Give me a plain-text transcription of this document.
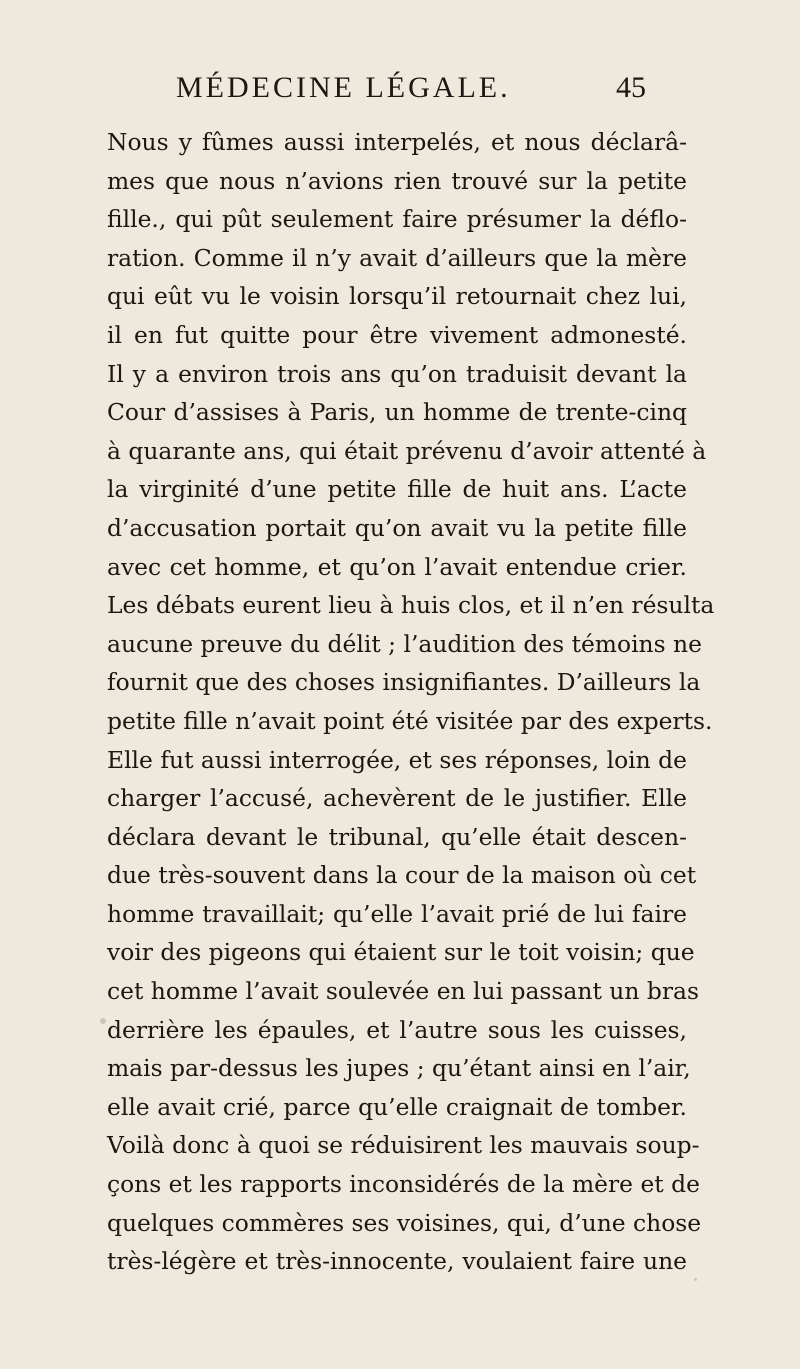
MÉDECINE LÉGALE.	45
Nous y fûmes aussi interpelés, et nous déclarâ-
mes que nous n’avions rien trouvé sur la petite
fille., qui pût seulement faire présumer la déflo-
ration. Comme il n’y avait d’ailleurs que la mère
qui eût vu le voisin lorsqu’il retournait chez lui,
il en fut quitte pour être vivement admonesté.
Il y a environ trois ans qu’on traduisit devant la
Cour d’assises à Paris, un homme de trente-cinq
à quarante ans, qui était prévenu d’avoir attenté à
la virginité d’une petite fille de huit ans. L’acte
d’accusation portait qu’on avait vu la petite fille
avec cet homme, et qu’on l’avait entendue crier.
Les débats eurent lieu à huis clos, et il n’en résulta
aucune preuve du délit ; l’audition des témoins ne
fournit que des choses insignifiantes. D’ailleurs la
petite fille n’avait point été visitée par des experts.
Elle fut aussi interrogée, et ses réponses, loin de
charger l’accusé, achevèrent de le justifier. Elle
déclara devant le tribunal, qu’elle était descen-
due très-souvent dans la cour de la maison où cet
homme travaillait; qu’elle l’avait prié de lui faire
voir des pigeons qui étaient sur le toit voisin; que
cet homme l’avait soulevée en lui passant un bras
derrière les épaules, et l’autre sous les cuisses,
mais par-dessus les jupes ; qu’étant ainsi en l’air,
elle avait crié, parce qu’elle craignait de tomber.
Voilà donc à quoi se réduisirent les mauvais soup-
çons et les rapports inconsidérés de la mère et de
quelques commères ses voisines, qui, d’une chose
très-légère et très-innocente, voulaient faire une
